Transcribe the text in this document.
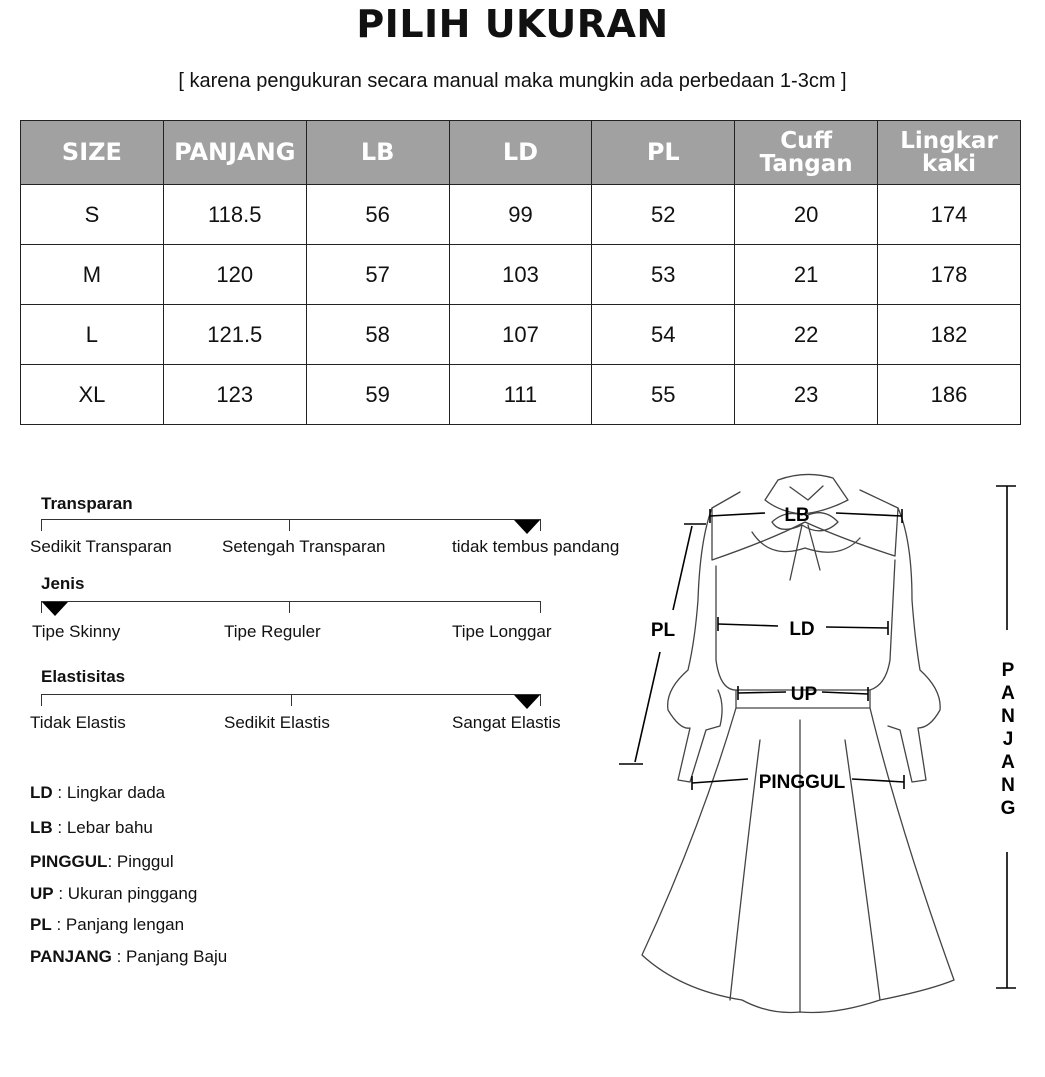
PILIH UKURAN
[ karena pengukuran secara manual maka mungkin ada perbedaan 1-3cm ]
SIZE	PANJANG	LB	LD	PL	Cuff Tangan	Lingkar kaki
S	118.5	56	99	52	20	174
M	120	57	103	53	21	178
L	121.5	58	107	54	22	182
XL	123	59	111	55	23	186
Transparan
Sedikit Transparan	Setengah Transparan	tidak tembus pandang
Jenis
Tipe Skinny	Tipe Reguler	Tipe Longgar
Elastisitas
Tidak Elastis	Sedikit Elastis	Sangat Elastis
LD : Lingkar dada
LB : Lebar bahu
PINGGUL: Pinggul
UP : Ukuran pinggang
PL : Panjang lengan
PANJANG : Panjang Baju
LB
LD
UP
PINGGUL
PL
P
A
N
J
A
N
G
